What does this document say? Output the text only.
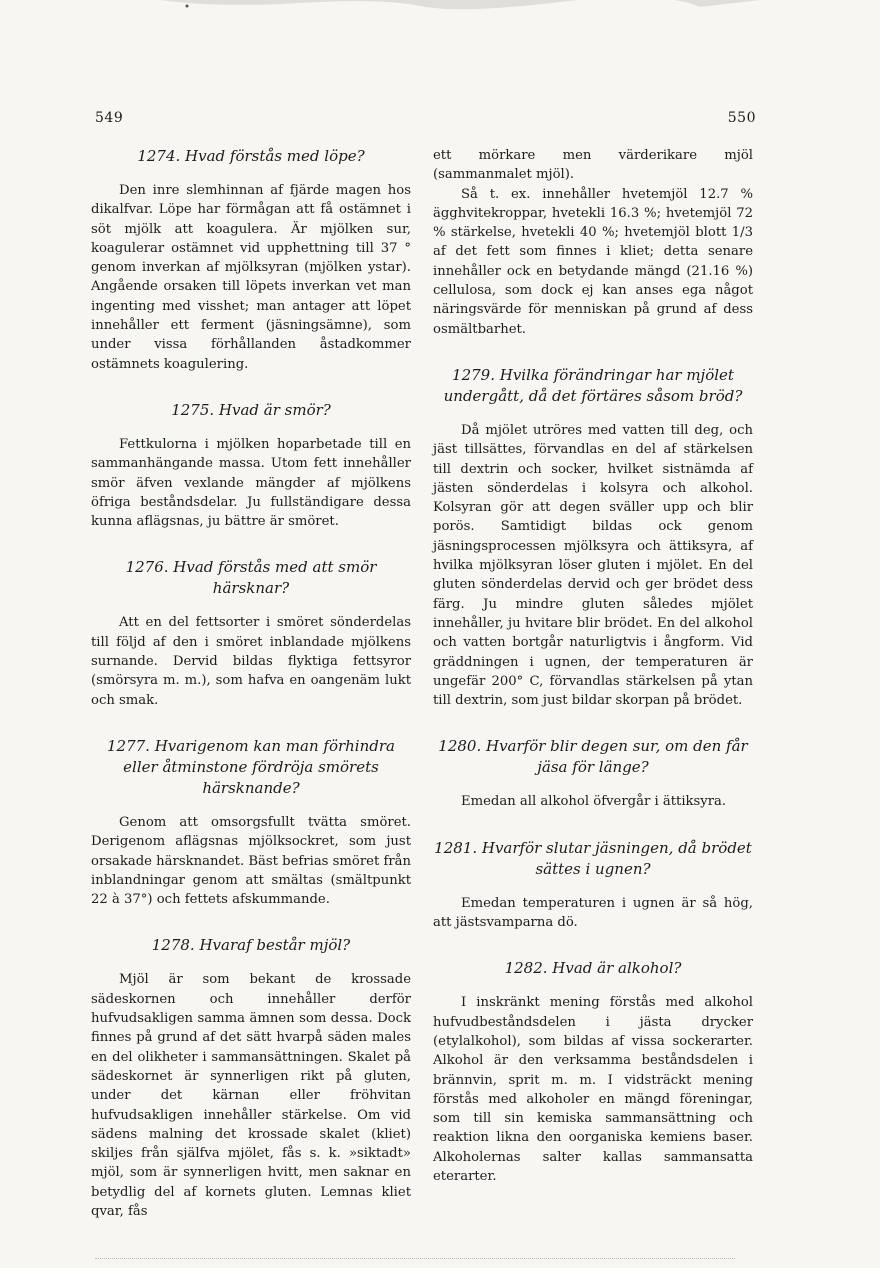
549	550

1274. Hvad förstås med löpe?

Den inre slemhinnan af fjärde magen hos dikalfvar. Löpe har förmågan att få ostämnet i söt mjölk att koagulera. Är mjölken sur, koagulerar ostämnet vid upphettning till 37 ° genom inverkan af mjölksyran (mjölken ystar). Angående orsaken till löpets inverkan vet man ingenting med visshet; man antager att löpet innehåller ett ferment (jäsningsämne), som under vissa förhållanden åstadkommer ostämnets koagulering.

1275. Hvad är smör?

Fettkulorna i mjölken hoparbetade till en sammanhängande massa. Utom fett innehåller smör äfven vexlande mängder af mjölkens öfriga beståndsdelar. Ju fullständigare dessa kunna aflägsnas, ju bättre är smöret.

1276. Hvad förstås med att smör härsknar?

Att en del fettsorter i smöret sönderdelas till följd af den i smöret inblandade mjölkens surnande. Dervid bildas flyktiga fettsyror (smörsyra m. m.), som hafva en oangenäm lukt och smak.

1277. Hvarigenom kan man förhindra eller åtminstone fördröja smörets härsknande?

Genom att omsorgsfullt tvätta smöret. Derigenom aflägsnas mjölksockret, som just orsakade härsknandet. Bäst befrias smöret från inblandningar genom att smältas (smältpunkt 22 à 37°) och fettets afskummande.

1278. Hvaraf består mjöl?

Mjöl är som bekant de krossade sädeskornen och innehåller derför hufvudsakligen samma ämnen som dessa. Dock finnes på grund af det sätt hvarpå säden males en del olikheter i sammansättningen. Skalet på sädeskornet är synnerligen rikt på gluten, under det kärnan eller fröhvitan hufvudsakligen innehåller stärkelse. Om vid sädens malning det krossade skalet (kliet) skiljes från själfva mjölet, fås s. k. »siktadt» mjöl, som är synnerligen hvitt, men saknar en betydlig del af kornets gluten. Lemnas kliet qvar, fås

ett mörkare men värderikare mjöl (sammanmalet mjöl).

Så t. ex. innehåller hvetemjöl 12.7 % ägghvitekroppar, hvetekli 16.3 %; hvetemjöl 72 % stärkelse, hvetekli 40 %; hvetemjöl blott 1/3 af det fett som finnes i kliet; detta senare innehåller ock en betydande mängd (21.16 %) cellulosa, som dock ej kan anses ega något näringsvärde för menniskan på grund af dess osmältbarhet.

1279. Hvilka förändringar har mjölet undergått, då det förtäres såsom bröd?

Då mjölet utröres med vatten till deg, och jäst tillsättes, förvandlas en del af stärkelsen till dextrin och socker, hvilket sistnämda af jästen sönderdelas i kolsyra och alkohol. Kolsyran gör att degen sväller upp och blir porös. Samtidigt bildas ock genom jäsningsprocessen mjölksyra och ättiksyra, af hvilka mjölksyran löser gluten i mjölet. En del gluten sönderdelas dervid och ger brödet dess färg. Ju mindre gluten således mjölet innehåller, ju hvitare blir brödet. En del alkohol och vatten bortgår naturligtvis i ångform. Vid gräddningen i ugnen, der temperaturen är ungefär 200° C, förvandlas stärkelsen på ytan till dextrin, som just bildar skorpan på brödet.

1280. Hvarför blir degen sur, om den får jäsa för länge?

Emedan all alkohol öfvergår i ättiksyra.

1281. Hvarför slutar jäsningen, då brödet sättes i ugnen?

Emedan temperaturen i ugnen är så hög, att jästsvamparna dö.

1282. Hvad är alkohol?

I inskränkt mening förstås med alkohol hufvudbeståndsdelen i jästa drycker (etylalkohol), som bildas af vissa sockerarter. Alkohol är den verksamma beståndsdelen i brännvin, sprit m. m. I vidsträckt mening förstås med alkoholer en mängd föreningar, som till sin kemiska sammansättning och reaktion likna den oorganiska kemiens baser. Alkoholernas salter kallas sammansatta eterarter.
